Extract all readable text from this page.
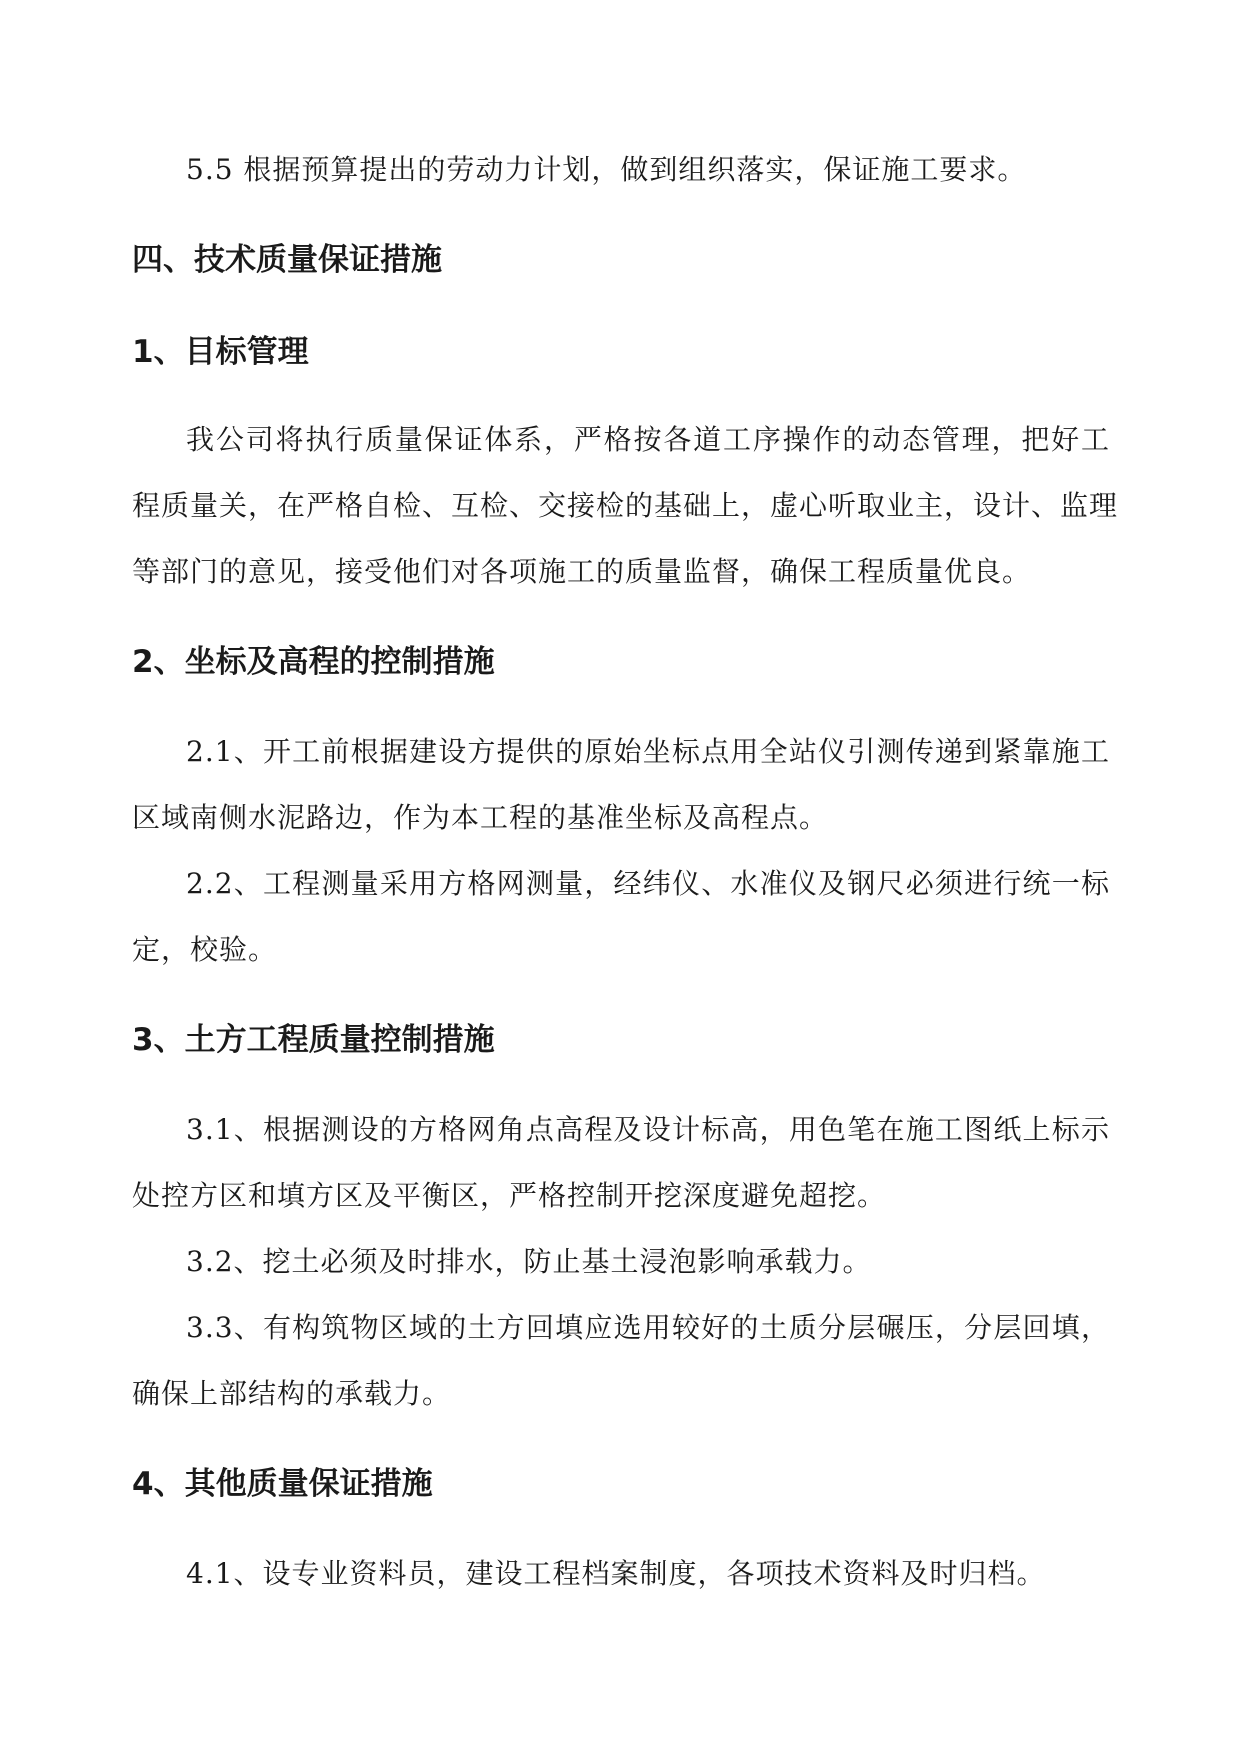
5.5 根据预算提出的劳动力计划，做到组织落实，保证施工要求。
四、技术质量保证措施
1、目标管理
我公司将执行质量保证体系，严格按各道工序操作的动态管理，把好工
程质量关，在严格自检、互检、交接检的基础上，虚心听取业主，设计、监理
等部门的意见，接受他们对各项施工的质量监督，确保工程质量优良。
2、坐标及高程的控制措施
2.1、开工前根据建设方提供的原始坐标点用全站仪引测传递到紧靠施工
区域南侧水泥路边，作为本工程的基准坐标及高程点。
2.2、工程测量采用方格网测量，经纬仪、水准仪及钢尺必须进行统一标
定，校验。
3、土方工程质量控制措施
3.1、根据测设的方格网角点高程及设计标高，用色笔在施工图纸上标示
处控方区和填方区及平衡区，严格控制开挖深度避免超挖。
3.2、挖土必须及时排水，防止基土浸泡影响承载力。
3.3、有构筑物区域的土方回填应选用较好的土质分层碾压，分层回填，
确保上部结构的承载力。
4、其他质量保证措施
4.1、设专业资料员，建设工程档案制度，各项技术资料及时归档。
